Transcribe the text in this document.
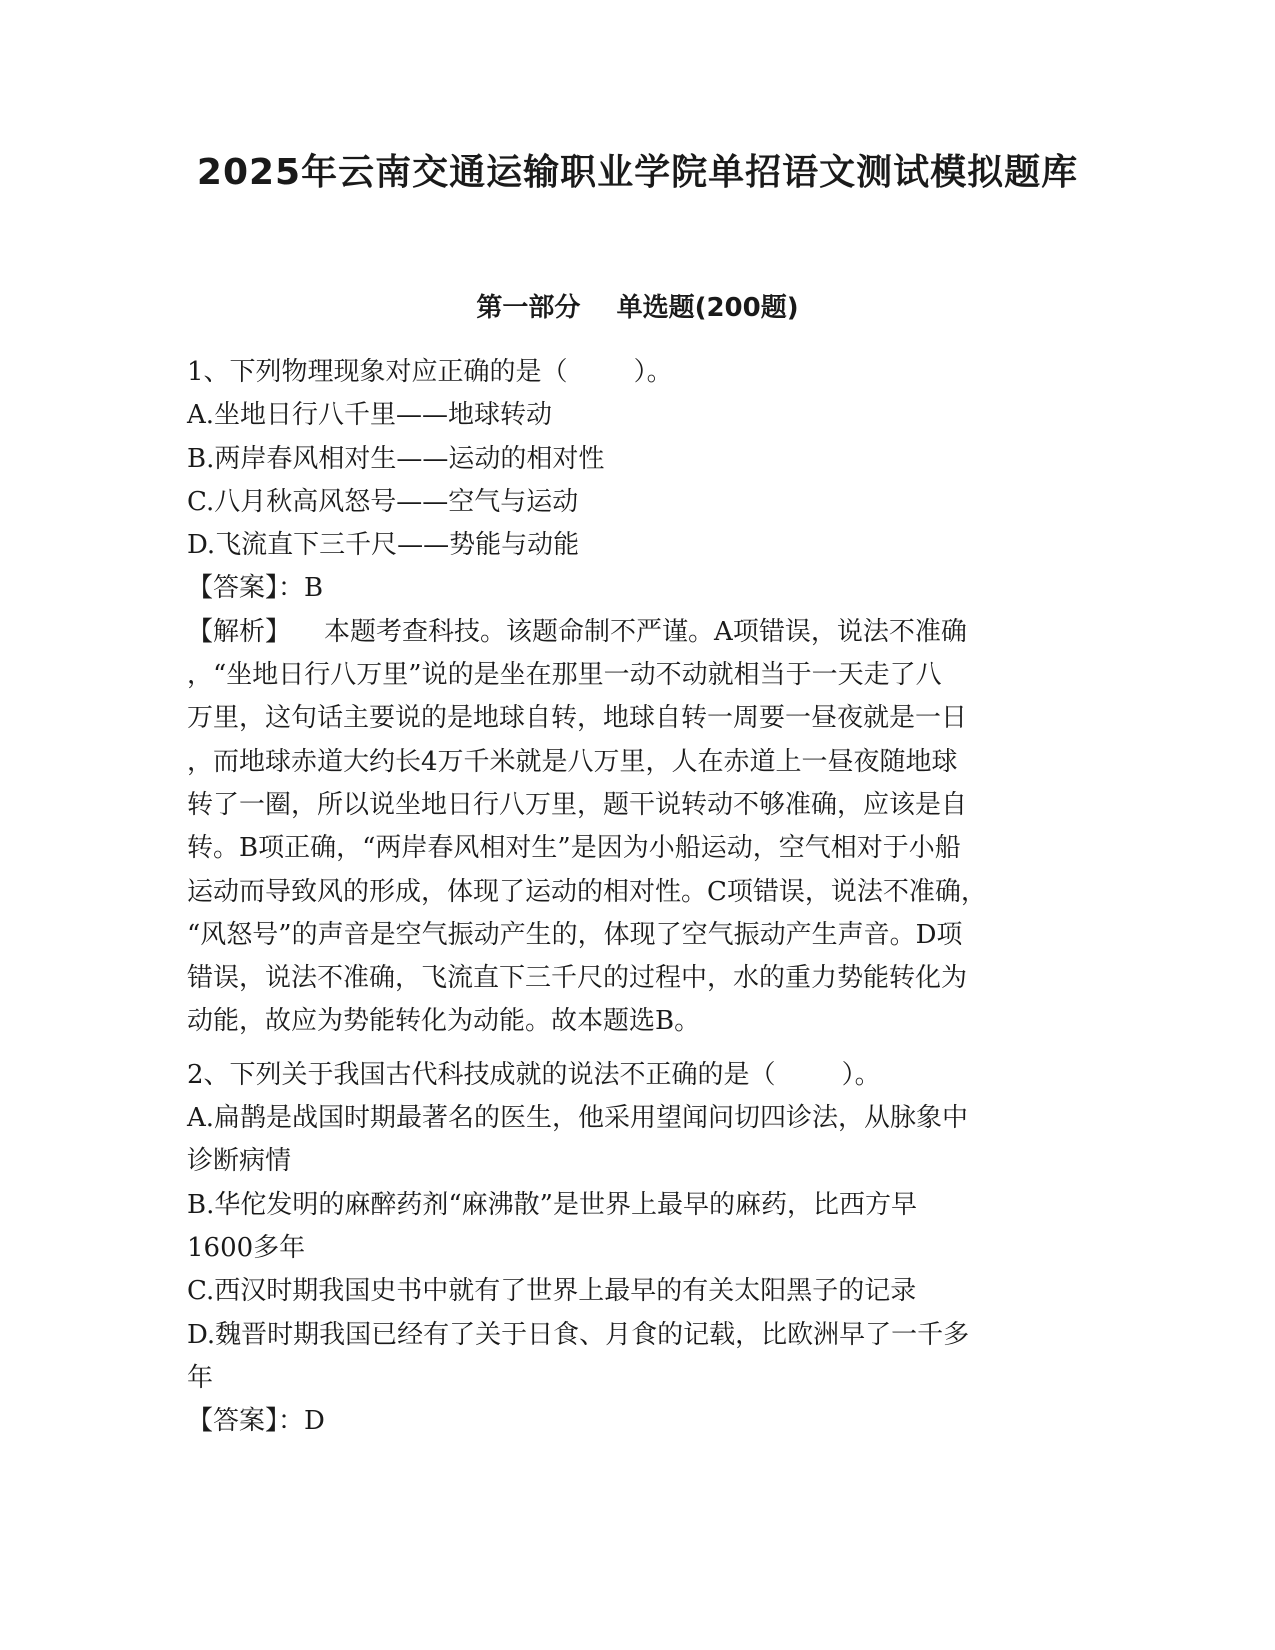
2025年云南交通运输职业学院单招语文测试模拟题库
第一部分    单选题(200题)
1、下列物理现象对应正确的是（        ）。
A.坐地日行八千里——地球转动
B.两岸春风相对生——运动的相对性
C.八月秋高风怒号——空气与运动
D.飞流直下三千尺——势能与动能
【答案】：B
【解析】    本题考查科技。该题命制不严谨。A项错误，说法不准确
，“坐地日行八万里”说的是坐在那里一动不动就相当于一天走了八
万里，这句话主要说的是地球自转，地球自转一周要一昼夜就是一日
，而地球赤道大约长4万千米就是八万里，人在赤道上一昼夜随地球
转了一圈，所以说坐地日行八万里，题干说转动不够准确，应该是自
转。B项正确，“两岸春风相对生”是因为小船运动，空气相对于小船
运动而导致风的形成，体现了运动的相对性。C项错误，说法不准确，
“风怒号”的声音是空气振动产生的，体现了空气振动产生声音。D项
错误，说法不准确，飞流直下三千尺的过程中，水的重力势能转化为
动能，故应为势能转化为动能。故本题选B。
2、下列关于我国古代科技成就的说法不正确的是（        ）。
A.扁鹊是战国时期最著名的医生，他采用望闻问切四诊法，从脉象中
诊断病情
B.华佗发明的麻醉药剂“麻沸散”是世界上最早的麻药，比西方早
1600多年
C.西汉时期我国史书中就有了世界上最早的有关太阳黑子的记录
D.魏晋时期我国已经有了关于日食、月食的记载，比欧洲早了一千多
年
【答案】：D
